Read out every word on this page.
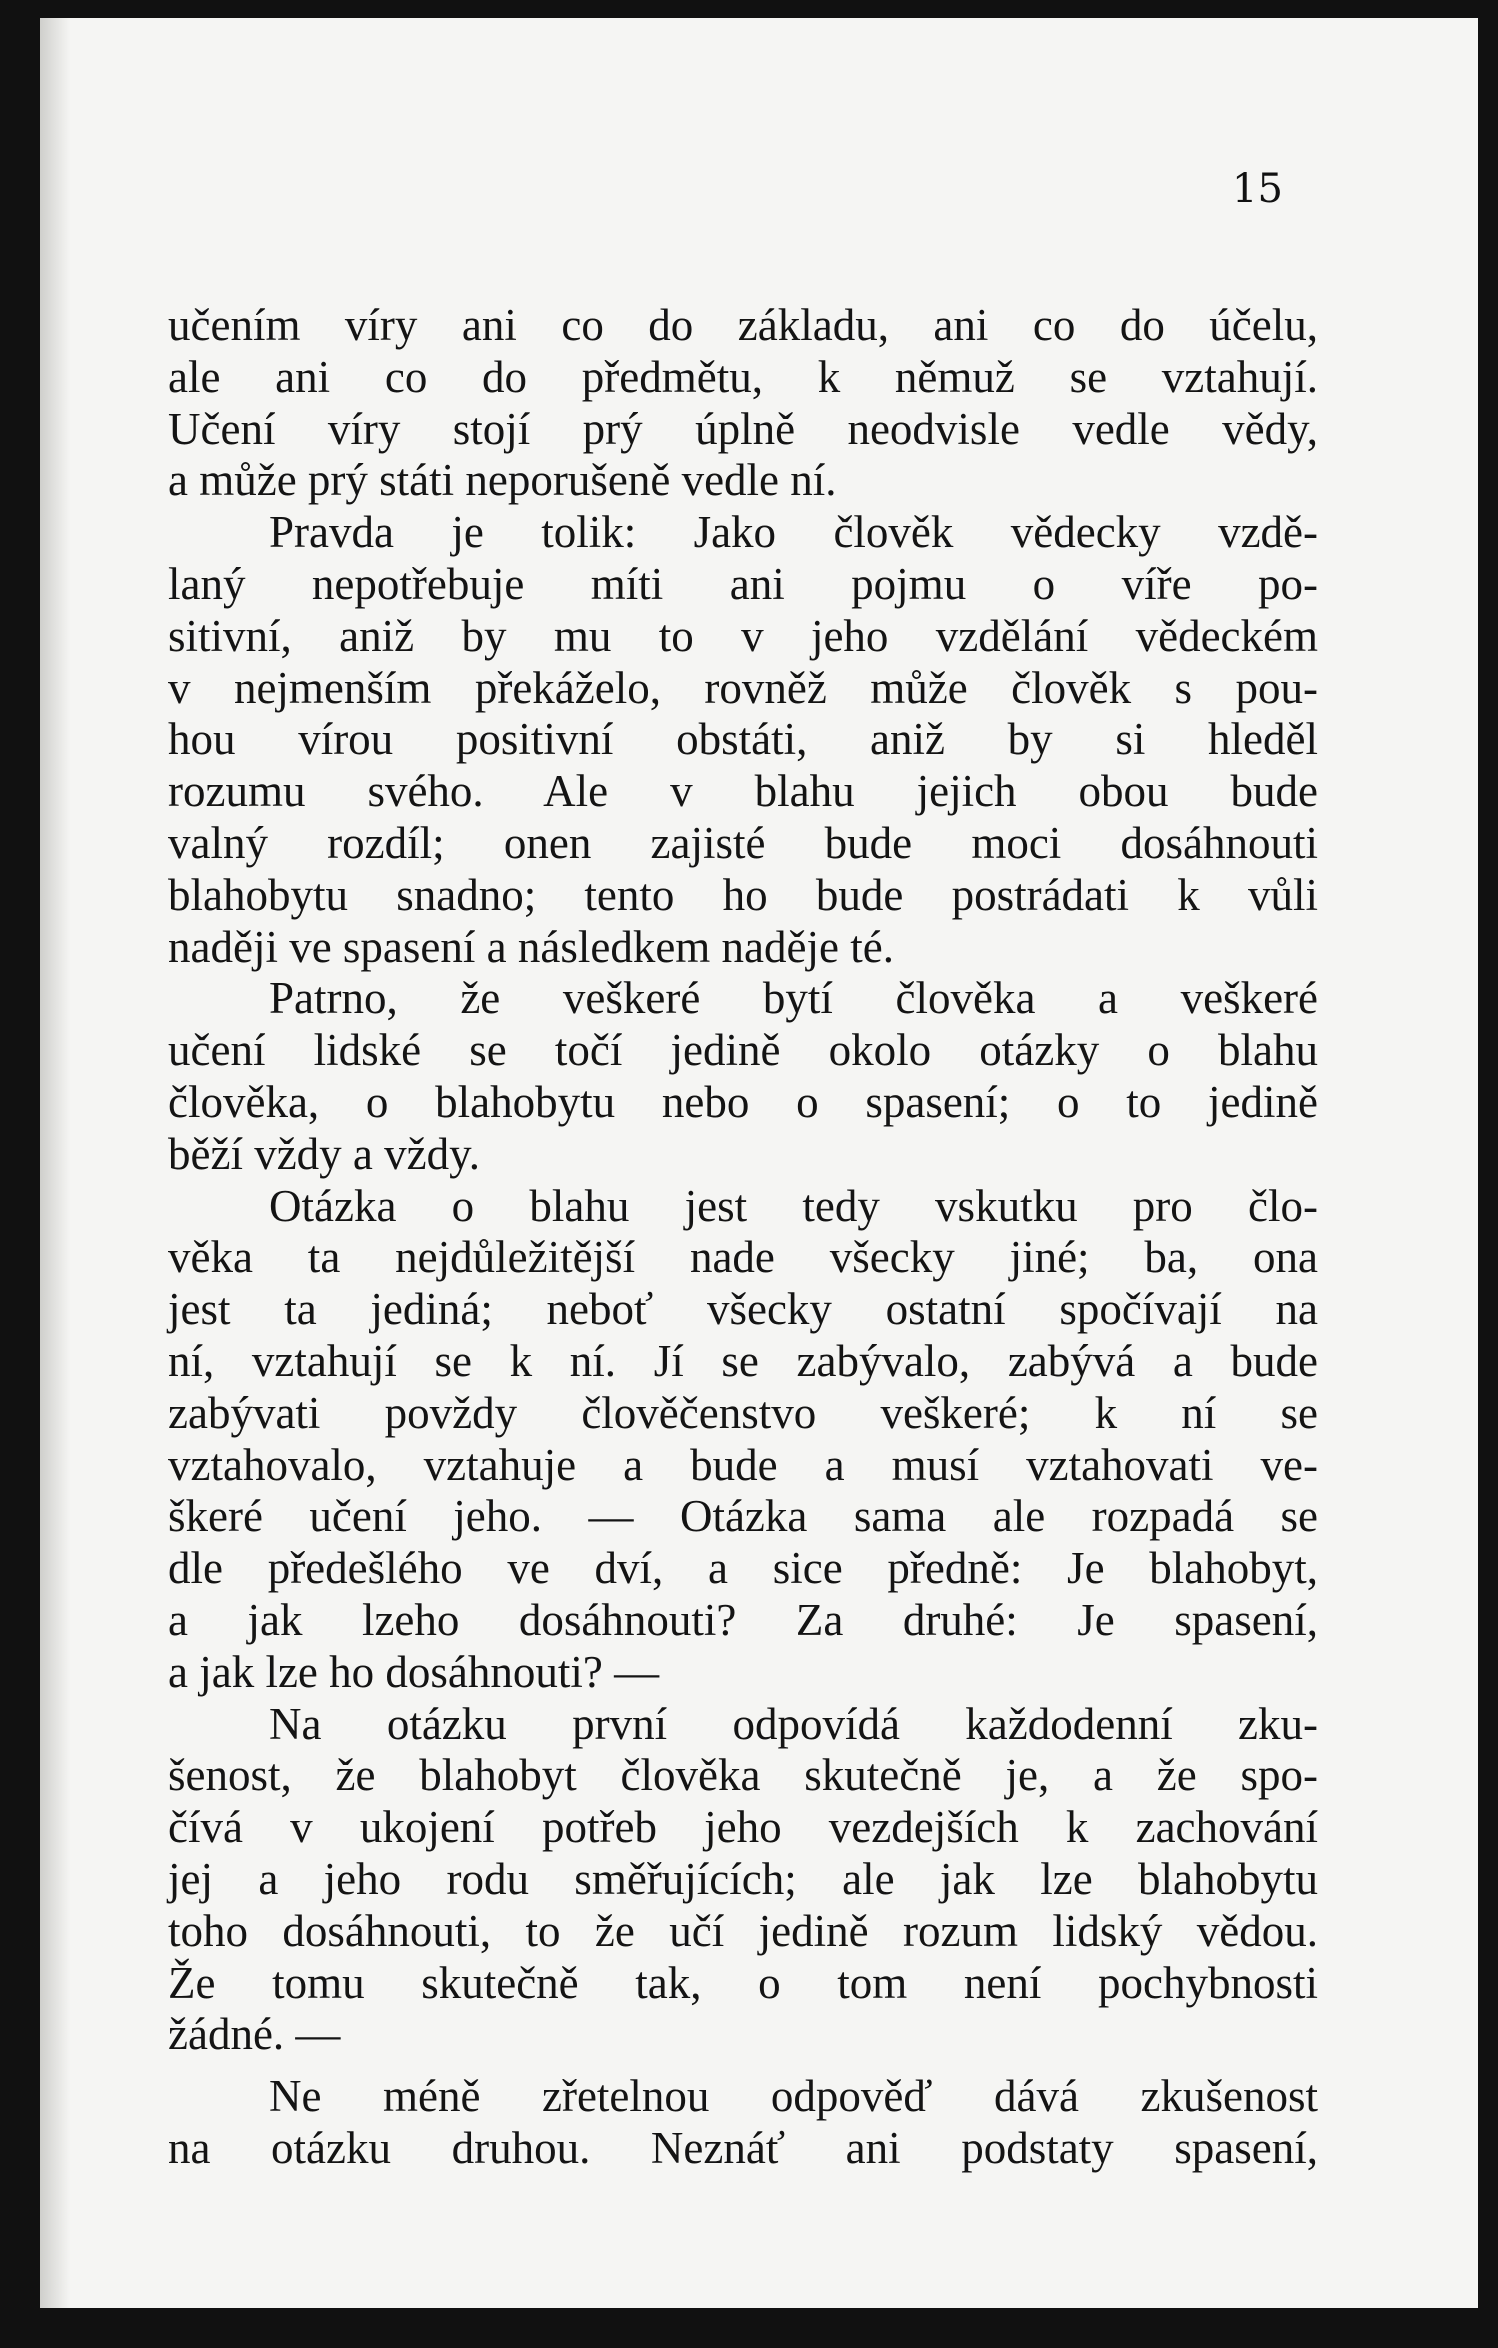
15
učením víry ani co do základu, ani co do účelu,
ale ani co do předmětu, k němuž se vztahují.
Učení víry stojí prý úplně neodvisle vedle vědy,
a může prý státi neporušeně vedle ní.
Pravda je tolik: Jako člověk vědecky vzdě-
laný nepotřebuje míti ani pojmu o víře po-
sitivní, aniž by mu to v jeho vzdělání vědeckém
v nejmenším překáželo, rovněž může člověk s pou-
hou vírou positivní obstáti, aniž by si hleděl
rozumu svého. Ale v blahu jejich obou bude
valný rozdíl; onen zajisté bude moci dosáhnouti
blahobytu snadno; tento ho bude postrádati k vůli
naději ve spasení a následkem naděje té.
Patrno, že veškeré bytí člověka a veškeré
učení lidské se točí jedině okolo otázky o blahu
člověka, o blahobytu nebo o spasení; o to jedině
běží vždy a vždy.
Otázka o blahu jest tedy vskutku pro člo-
věka ta nejdůležitější nade všecky jiné; ba, ona
jest ta jediná; neboť všecky ostatní spočívají na
ní, vztahují se k ní. Jí se zabývalo, zabývá a bude
zabývati povždy člověčenstvo veškeré; k ní se
vztahovalo, vztahuje a bude a musí vztahovati ve-
škeré učení jeho. — Otázka sama ale rozpadá se
dle předešlého ve dví, a sice předně: Je blahobyt,
a jak lzeho dosáhnouti? Za druhé: Je spasení,
a jak lze ho dosáhnouti? —
Na otázku první odpovídá každodenní zku-
šenost, že blahobyt člověka skutečně je, a že spo-
čívá v ukojení potřeb jeho vezdejších k zachování
jej a jeho rodu směřujících; ale jak lze blahobytu
toho dosáhnouti, to že učí jedině rozum lidský vědou.
Že tomu skutečně tak, o tom není pochybnosti
žádné. —
Ne méně zřetelnou odpověď dává zkušenost
na otázku druhou. Neznáť ani podstaty spasení,
